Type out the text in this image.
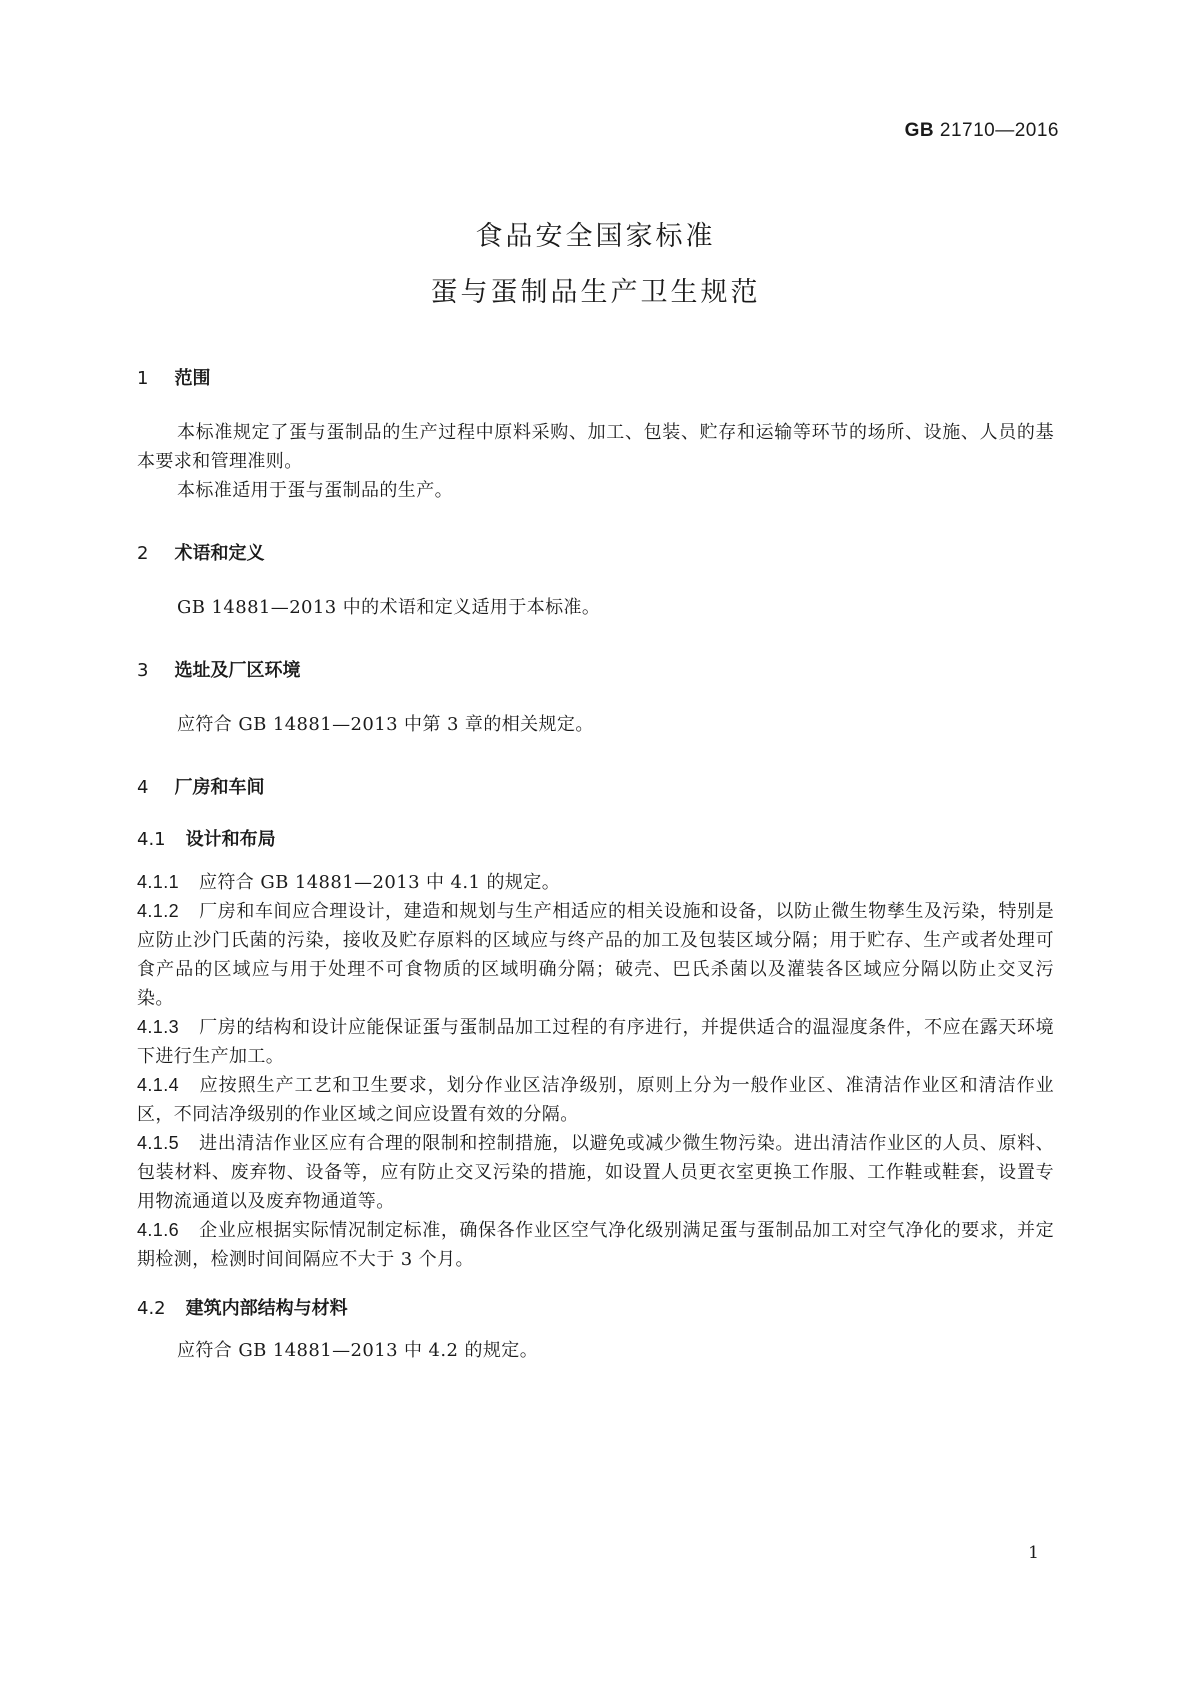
GB 21710—2016
食品安全国家标准
蛋与蛋制品生产卫生规范
1 范围
本标准规定了蛋与蛋制品的生产过程中原料采购、加工、包装、贮存和运输等环节的场所、设施、人员的基本要求和管理准则。
本标准适用于蛋与蛋制品的生产。
2 术语和定义
GB 14881—2013 中的术语和定义适用于本标准。
3 选址及厂区环境
应符合 GB 14881—2013 中第 3 章的相关规定。
4 厂房和车间
4.1 设计和布局
4.1.1 应符合 GB 14881—2013 中 4.1 的规定。
4.1.2 厂房和车间应合理设计，建造和规划与生产相适应的相关设施和设备，以防止微生物孳生及污染，特别是应防止沙门氏菌的污染，接收及贮存原料的区域应与终产品的加工及包装区域分隔；用于贮存、生产或者处理可食产品的区域应与用于处理不可食物质的区域明确分隔；破壳、巴氏杀菌以及灌装各区域应分隔以防止交叉污染。
4.1.3 厂房的结构和设计应能保证蛋与蛋制品加工过程的有序进行，并提供适合的温湿度条件，不应在露天环境下进行生产加工。
4.1.4 应按照生产工艺和卫生要求，划分作业区洁净级别，原则上分为一般作业区、准清洁作业区和清洁作业区，不同洁净级别的作业区域之间应设置有效的分隔。
4.1.5 进出清洁作业区应有合理的限制和控制措施，以避免或减少微生物污染。进出清洁作业区的人员、原料、包装材料、废弃物、设备等，应有防止交叉污染的措施，如设置人员更衣室更换工作服、工作鞋或鞋套，设置专用物流通道以及废弃物通道等。
4.1.6 企业应根据实际情况制定标准，确保各作业区空气净化级别满足蛋与蛋制品加工对空气净化的要求，并定期检测，检测时间间隔应不大于 3 个月。
4.2 建筑内部结构与材料
应符合 GB 14881—2013 中 4.2 的规定。
1
